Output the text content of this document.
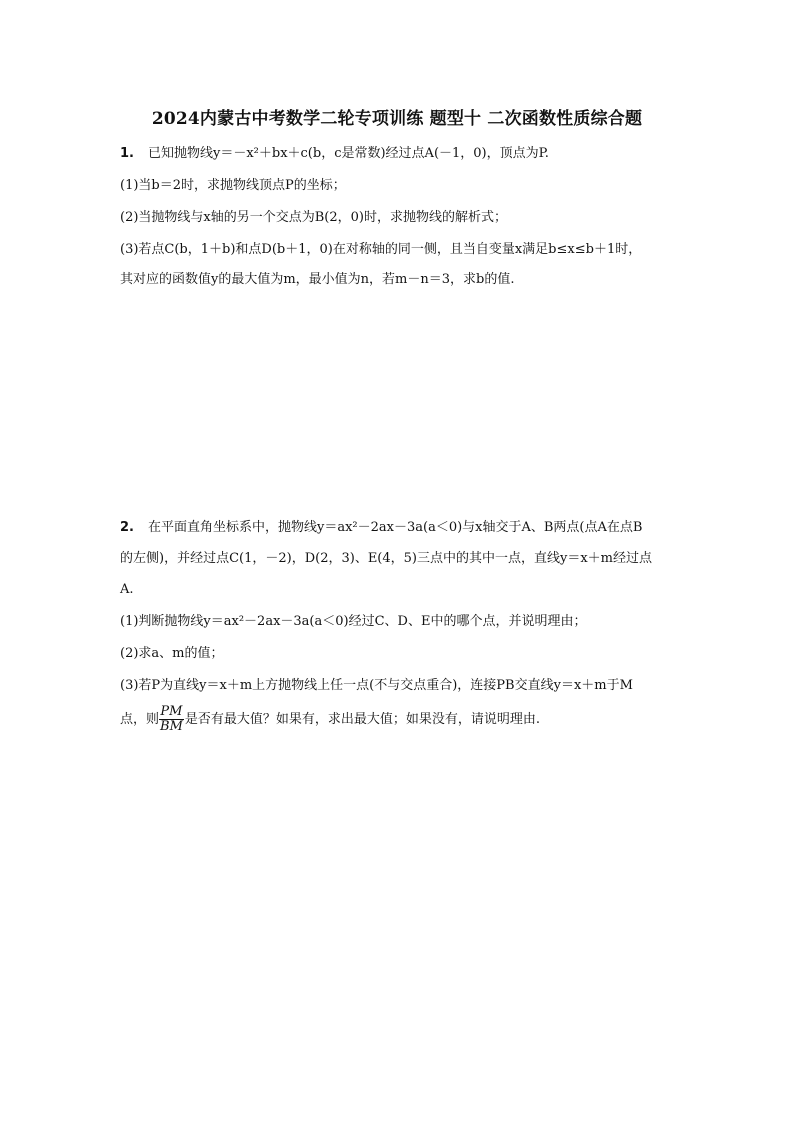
2024内蒙古中考数学二轮专项训练 题型十 二次函数性质综合题
1. 已知抛物线y＝－x²＋bx＋c(b，c是常数)经过点A(－1，0)，顶点为P.
(1)当b＝2时，求抛物线顶点P的坐标；
(2)当抛物线与x轴的另一个交点为B(2，0)时，求抛物线的解析式；
(3)若点C(b，1＋b)和点D(b＋1，0)在对称轴的同一侧，且当自变量x满足b≤x≤b＋1时，
其对应的函数值y的最大值为m，最小值为n，若m－n＝3，求b的值.
2. 在平面直角坐标系中，抛物线y＝ax²－2ax－3a(a＜0)与x轴交于A、B两点(点A在点B
的左侧)，并经过点C(1，－2)，D(2，3)、E(4，5)三点中的其中一点，直线y＝x＋m经过点
A.
(1)判断抛物线y＝ax²－2ax－3a(a＜0)经过C、D、E中的哪个点，并说明理由；
(2)求a、m的值；
(3)若P为直线y＝x＋m上方抛物线上任一点(不与交点重合)，连接PB交直线y＝x＋m于M
点，则 $\frac{PM}{BM}$ 是否有最大值？如果有，求出最大值；如果没有，请说明理由.
